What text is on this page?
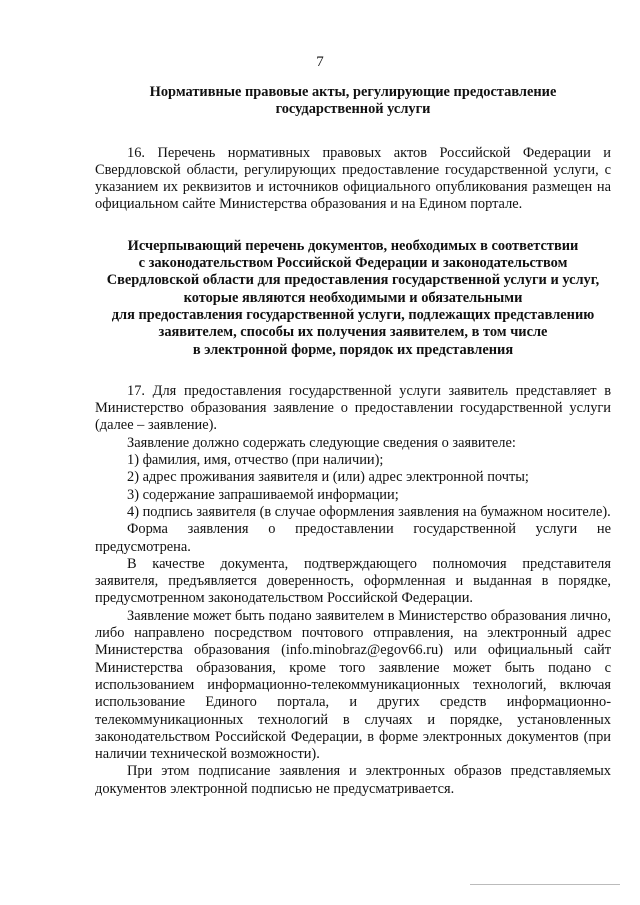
7
Нормативные правовые акты, регулирующие предоставление
государственной услуги

16. Перечень нормативных правовых актов Российской Федерации и Свердловской области, регулирующих предоставление государственной услуги, с указанием их реквизитов и источников официального опубликования размещен на официальном сайте Министерства образования и на Едином портале.

Исчерпывающий перечень документов, необходимых в соответствии
с законодательством Российской Федерации и законодательством
Свердловской области для предоставления государственной услуги и услуг,
которые являются необходимыми и обязательными
для предоставления государственной услуги, подлежащих представлению
заявителем, способы их получения заявителем, в том числе
в электронной форме, порядок их представления

17. Для предоставления государственной услуги заявитель представляет в Министерство образования заявление о предоставлении государственной услуги (далее – заявление).

Заявление должно содержать следующие сведения о заявителе:

1) фамилия, имя, отчество (при наличии);

2) адрес проживания заявителя и (или) адрес электронной почты;

3) содержание запрашиваемой информации;

4) подпись заявителя (в случае оформления заявления на бумажном носителе).

Форма заявления о предоставлении государственной услуги не предусмотрена.

В качестве документа, подтверждающего полномочия представителя заявителя, предъявляется доверенность, оформленная и выданная в порядке, предусмотренном законодательством Российской Федерации.

Заявление может быть подано заявителем в Министерство образования лично, либо направлено посредством почтового отправления, на электронный адрес Министерства образования (info.minobraz@egov66.ru) или официальный сайт Министерства образования, кроме того заявление может быть подано с использованием информационно-телекоммуникационных технологий, включая использование Единого портала, и других средств информационно-телекоммуникационных технологий в случаях и порядке, установленных законодательством Российской Федерации, в форме электронных документов (при наличии технической возможности).

При этом подписание заявления и электронных образов представляемых документов электронной подписью не предусматривается.
